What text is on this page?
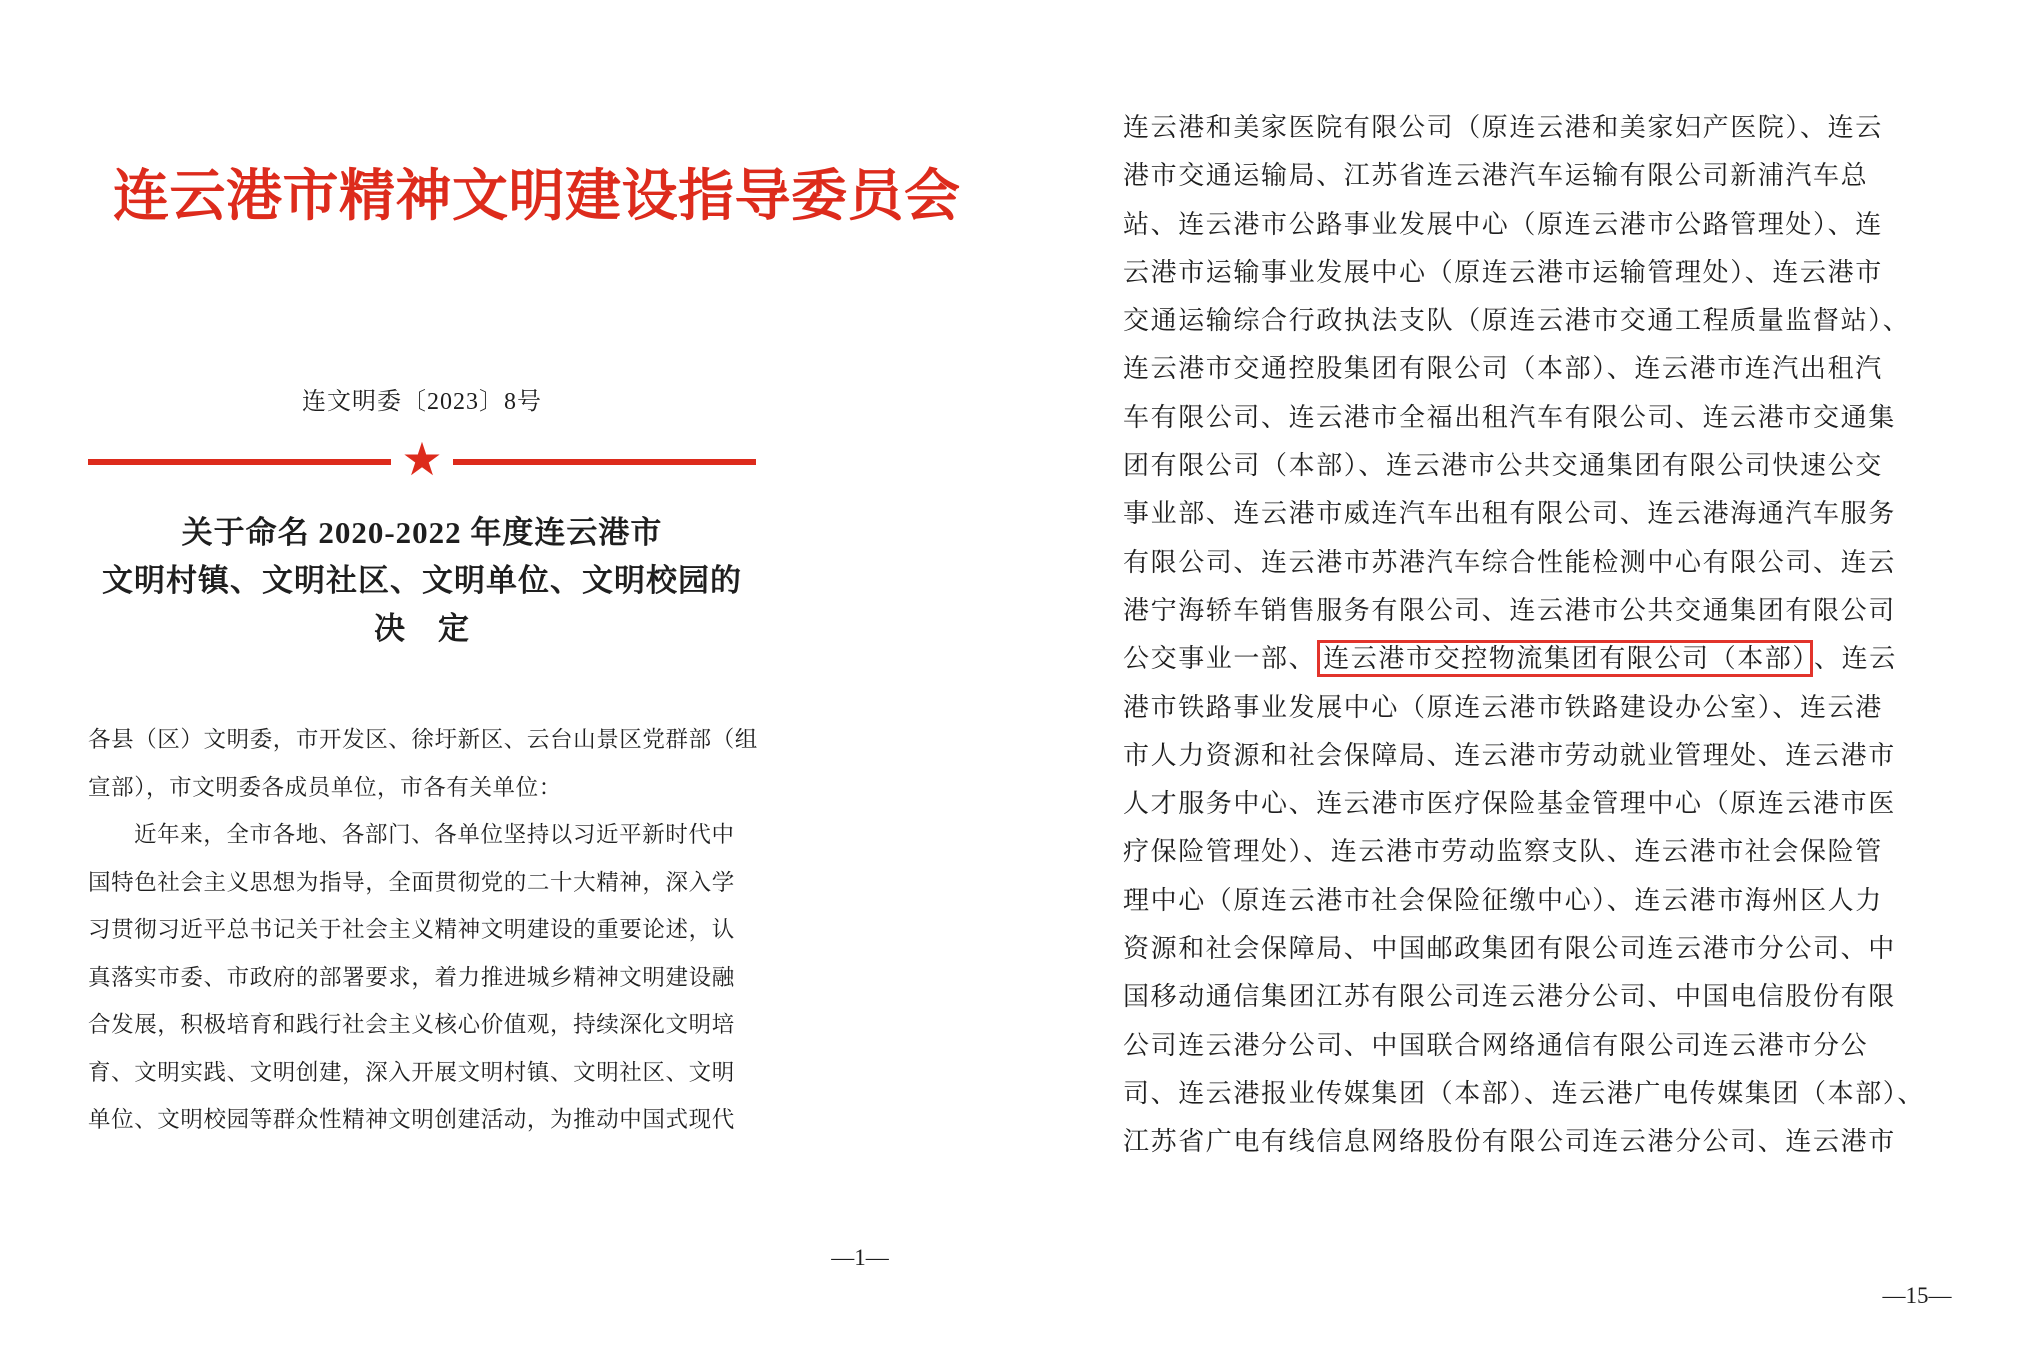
连云港市精神文明建设指导委员会
连文明委〔2023〕8号
★
关于命名 2020-2022 年度连云港市
文明村镇、文明社区、文明单位、文明校园的
决　定
各县（区）文明委，市开发区、徐圩新区、云台山景区党群部（组
宣部），市文明委各成员单位，市各有关单位：
近年来，全市各地、各部门、各单位坚持以习近平新时代中
国特色社会主义思想为指导，全面贯彻党的二十大精神，深入学
习贯彻习近平总书记关于社会主义精神文明建设的重要论述，认
真落实市委、市政府的部署要求，着力推进城乡精神文明建设融
合发展，积极培育和践行社会主义核心价值观，持续深化文明培
育、文明实践、文明创建，深入开展文明村镇、文明社区、文明
单位、文明校园等群众性精神文明创建活动，为推动中国式现代
—1—
连云港和美家医院有限公司（原连云港和美家妇产医院）、连云
港市交通运输局、江苏省连云港汽车运输有限公司新浦汽车总
站、连云港市公路事业发展中心（原连云港市公路管理处）、连
云港市运输事业发展中心（原连云港市运输管理处）、连云港市
交通运输综合行政执法支队（原连云港市交通工程质量监督站）、
连云港市交通控股集团有限公司（本部）、连云港市连汽出租汽
车有限公司、连云港市全福出租汽车有限公司、连云港市交通集
团有限公司（本部）、连云港市公共交通集团有限公司快速公交
事业部、连云港市威连汽车出租有限公司、连云港海通汽车服务
有限公司、连云港市苏港汽车综合性能检测中心有限公司、连云
港宁海轿车销售服务有限公司、连云港市公共交通集团有限公司
公交事业一部、 连云港市交控物流集团有限公司（本部） 、连云
港市铁路事业发展中心（原连云港市铁路建设办公室）、连云港
市人力资源和社会保障局、连云港市劳动就业管理处、连云港市
人才服务中心、连云港市医疗保险基金管理中心（原连云港市医
疗保险管理处）、连云港市劳动监察支队、连云港市社会保险管
理中心（原连云港市社会保险征缴中心）、连云港市海州区人力
资源和社会保障局、中国邮政集团有限公司连云港市分公司、中
国移动通信集团江苏有限公司连云港分公司、中国电信股份有限
公司连云港分公司、中国联合网络通信有限公司连云港市分公
司、连云港报业传媒集团（本部）、连云港广电传媒集团（本部）、
江苏省广电有线信息网络股份有限公司连云港分公司、连云港市
—15—
